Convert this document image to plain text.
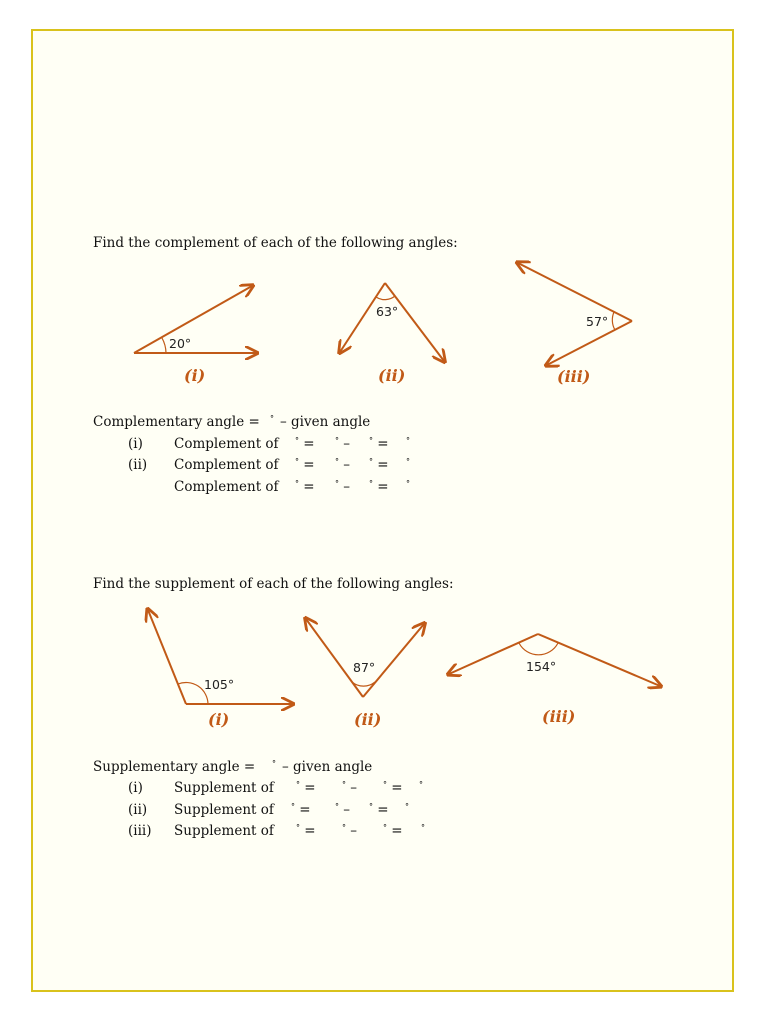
20°
(i)
63°
(ii)
57°
(iii)
105°
(i)
87°
(ii)
154°
(iii)
Find the complement of each of the following angles:
Complementary angle = ° – given angle
(i) Complement of ° =	° – ° = °
(ii) Complement of ° =	° – ° = °
Complement of ° =	° – ° = °
Find the supplement of each of the following angles:
Supplementary angle = ° – given angle
(i) Supplement of	° =	° –	° = °
(ii) Supplement of ° =	° – ° = °
(iii) Supplement of	° =	° –	° = °
